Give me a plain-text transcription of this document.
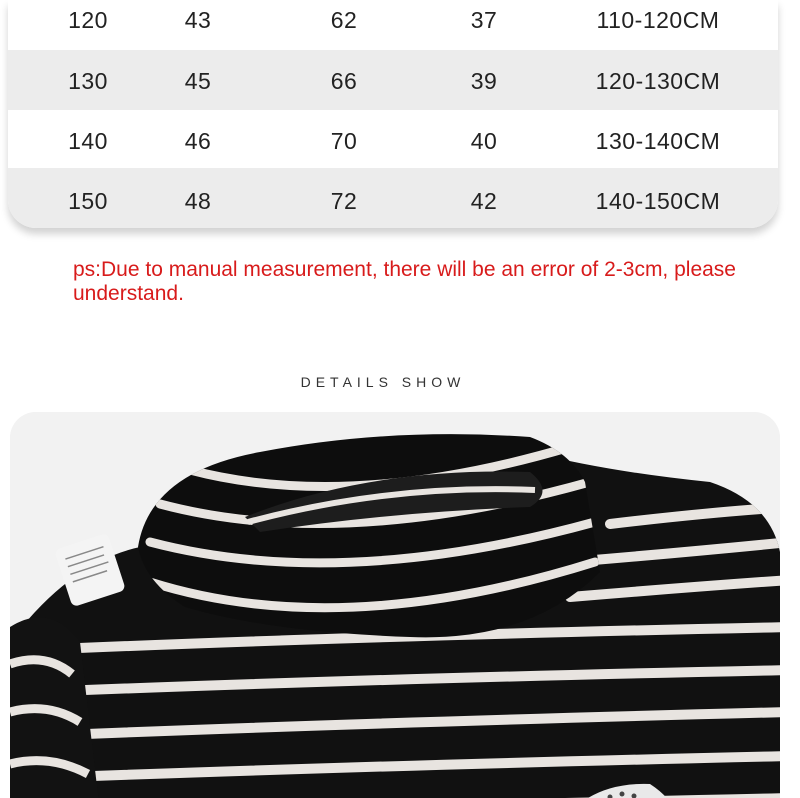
120	43	62	37	110-120CM
130	45	66	39	120-130CM
140	46	70	40	130-140CM
150	48	72	42	140-150CM
ps:Due to manual measurement, there will be an error of 2-3cm, please understand.
DETAILS SHOW
